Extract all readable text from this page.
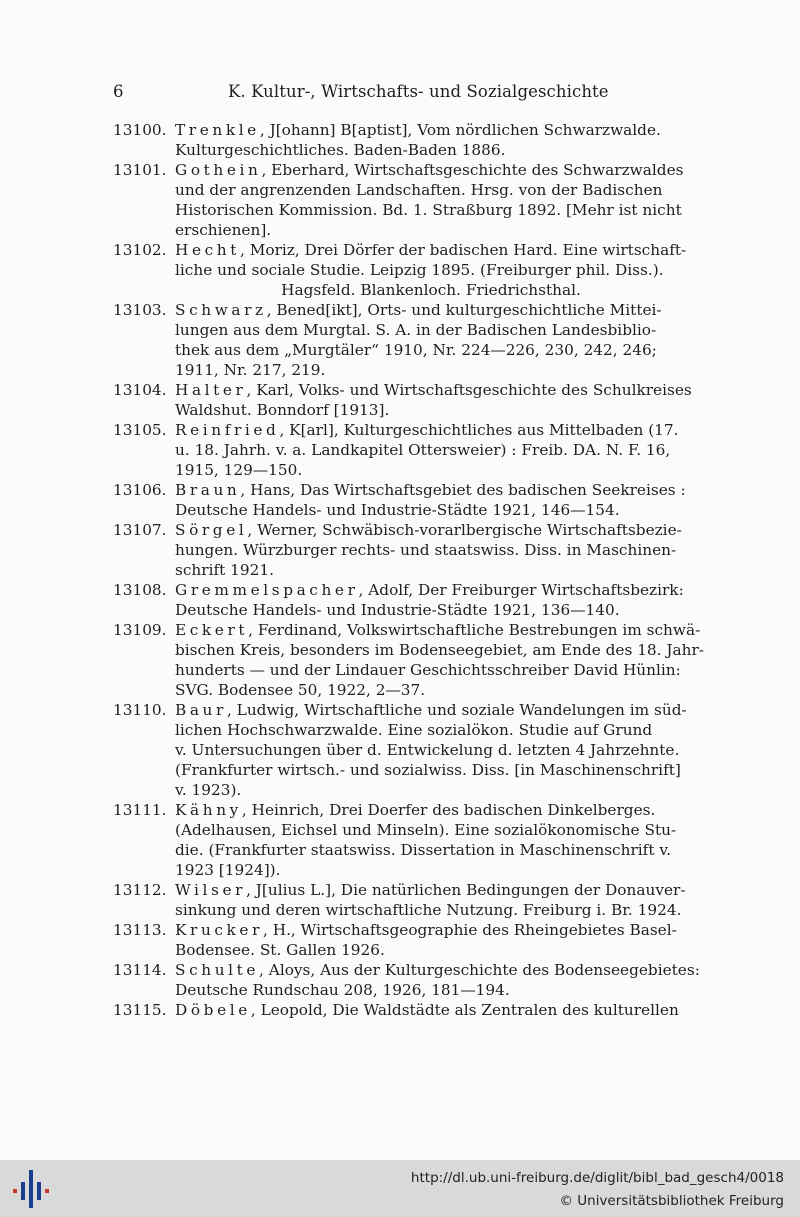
6	K. Kultur-, Wirtschafts- und Sozialgeschichte
13100. Trenkle, J[ohann] B[aptist], Vom nördlichen Schwarzwalde.
Kulturgeschichtliches. Baden-Baden 1886.
13101. Gothein, Eberhard, Wirtschaftsgeschichte des Schwarzwaldes
und der angrenzenden Landschaften. Hrsg. von der Badischen
Historischen Kommission. Bd. 1. Straßburg 1892. [Mehr ist nicht
erschienen].
13102. Hecht, Moriz, Drei Dörfer der badischen Hard. Eine wirtschaft-
liche und sociale Studie. Leipzig 1895. (Freiburger phil. Diss.).
Hagsfeld. Blankenloch. Friedrichsthal.
13103. Schwarz, Bened[ikt], Orts- und kulturgeschichtliche Mittei-
lungen aus dem Murgtal. S. A. in der Badischen Landesbiblio-
thek aus dem „Murgtäler“ 1910, Nr. 224—226, 230, 242, 246;
1911, Nr. 217, 219.
13104. Halter, Karl, Volks- und Wirtschaftsgeschichte des Schulkreises
Waldshut. Bonndorf [1913].
13105. Reinfried, K[arl], Kulturgeschichtliches aus Mittelbaden (17.
u. 18. Jahrh. v. a. Landkapitel Ottersweier) : Freib. DA. N. F. 16,
1915, 129—150.
13106. Braun, Hans, Das Wirtschaftsgebiet des badischen Seekreises :
Deutsche Handels- und Industrie-Städte 1921, 146—154.
13107. Sörgel, Werner, Schwäbisch-vorarlbergische Wirtschaftsbezie-
hungen. Würzburger rechts- und staatswiss. Diss. in Maschinen-
schrift 1921.
13108. Gremmelspacher, Adolf, Der Freiburger Wirtschaftsbezirk:
Deutsche Handels- und Industrie-Städte 1921, 136—140.
13109. Eckert, Ferdinand, Volkswirtschaftliche Bestrebungen im schwä-
bischen Kreis, besonders im Bodenseegebiet, am Ende des 18. Jahr-
hunderts — und der Lindauer Geschichtsschreiber David Hünlin:
SVG. Bodensee 50, 1922, 2—37.
13110. Baur, Ludwig, Wirtschaftliche und soziale Wandelungen im süd-
lichen Hochschwarzwalde. Eine sozialökon. Studie auf Grund
v. Untersuchungen über d. Entwickelung d. letzten 4 Jahrzehnte.
(Frankfurter wirtsch.- und sozialwiss. Diss. [in Maschinenschrift]
v. 1923).
13111. Kähny, Heinrich, Drei Doerfer des badischen Dinkelberges.
(Adelhausen, Eichsel und Minseln). Eine sozialökonomische Stu-
die. (Frankfurter staatswiss. Dissertation in Maschinenschrift v.
1923 [1924]).
13112. Wilser, J[ulius L.], Die natürlichen Bedingungen der Donauver-
sinkung und deren wirtschaftliche Nutzung. Freiburg i. Br. 1924.
13113. Krucker, H., Wirtschaftsgeographie des Rheingebietes Basel-
Bodensee. St. Gallen 1926.
13114. Schulte, Aloys, Aus der Kulturgeschichte des Bodenseegebietes:
Deutsche Rundschau 208, 1926, 181—194.
13115. Döbele, Leopold, Die Waldstädte als Zentralen des kulturellen
http://dl.ub.uni-freiburg.de/diglit/bibl_bad_gesch4/0018
© Universitätsbibliothek Freiburg
